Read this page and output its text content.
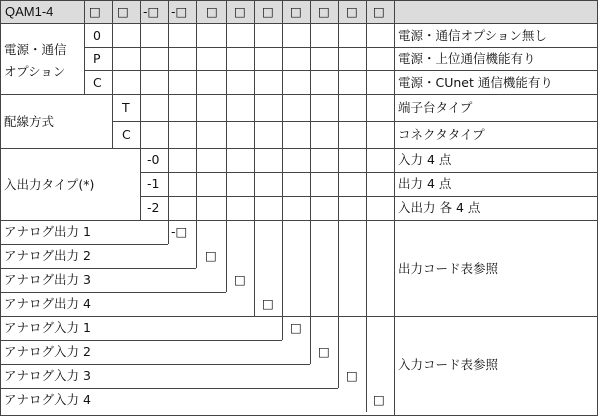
QAM1-4	□ □ -□ -□ □ □ □ □ □ □ □
電源・通信
オプション
0
P
C
電源・通信オプション無し
電源・上位通信機能有り
電源・CUnet 通信機能有り
配線方式
T
C
端子台タイプ
コネクタタイプ
入出力タイプ(*)
-0
-1
-2
入力 4 点
出力 4 点
入出力 各 4 点
アナログ出力 1
アナログ出力 2
アナログ出力 3
アナログ出力 4
-□
□
□
□
出力コード表参照
アナログ入力 1
アナログ入力 2
アナログ入力 3
アナログ入力 4
□
□
□
□
入力コード表参照
